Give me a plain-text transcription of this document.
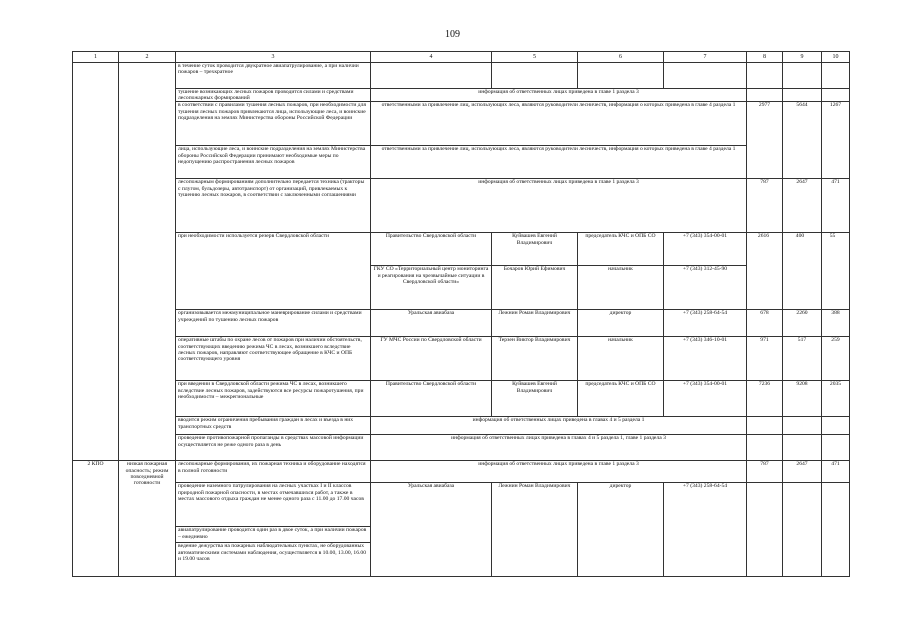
109
1	2	3	4	5	6	7	8	9	10
		в течение суток проводится двукратное авиапатрулирование, а при наличии пожаров – трехкратное							
		тушение возникающих лесных пожаров проводится силами и средствами лесопожарных формирований	информация об ответственных лицах приведена в главе 1 раздела 3						
		в соответствии с правилами тушения лесных пожаров, при необходимости для тушения лесных пожаров привлекаются лица, использующие леса, и воинские подразделения на землях Министерства обороны Российской Федерации	ответственными за привлечение лиц, использующих леса, являются руководители лесничеств, информация о которых приведена в главе 4 раздела 1				2977	5644	1267
		лица, использующие леса, и воинские подразделения на землях Министерства обороны Российской Федерации принимают необходимые меры по недопущению распространения лесных пожаров	ответственными за привлечение лиц, использующих леса, являются руководители лесничеств, информация о которых приведена в главе 4 раздела 1						
		лесопожарным формированиям дополнительно передается техника (тракторы с плугом, бульдозеры, автотранспорт) от организаций, привлекаемых к тушению лесных пожаров, в соответствии с заключенными соглашениями	информация об ответственных лицах приведена в главе 1 раздела 3				787	2647	471
		при необходимости используется резерв Свердловской области	Правительство Свердловской области	Куйвашев Евгений Владимирович	председатель КЧС и ОПБ СО	+7 (343) 354-00-01	2616*	400**	55***
			ГКУ СО «Территориальный центр мониторинга и реагирования на чрезвычайные ситуации в Свердловской области»	Бочаров Юрий Ефимович	начальник	+7 (343) 312-45-90			
		организовывается межмуниципальное маневрирование силами и средствами учреждений по тушению лесных пожаров	Уральская авиабаза	Лежнин Роман Владимирович	директор	+7 (343) 258-64-54	678	2260	388
		оперативные штабы по охране лесов от пожаров при наличии обстоятельств, соответствующих введению режима ЧС в лесах, возникшего вследствие лесных пожаров, направляют соответствующее обращение в КЧС и ОПБ соответствующего уровня	ГУ МЧС России по Свердловской области	Терзен Виктор Владимирович	начальник	+7 (343) 346-10-01	971	517	259
		при введении в Свердловской области режима ЧС в лесах, возникшего вследствие лесных пожаров, задействуются все ресурсы пожаротушения, при необходимости – межрегиональные	Правительство Свердловской области	Куйвашев Евгений Владимирович	председатель КЧС и ОПБ СО	+7 (343) 354-00-01	7236	9208	2035
		вводится режим ограничения пребывания граждан в лесах и въезда в них транспортных средств	информация об ответственных лицах приведена в главах 4 и 5 раздела 1						
		проведение противопожарной пропаганды в средствах массовой информации осуществляется не реже одного раза в день	информация об ответственных лицах приведена в главах 4 и 5 раздела 1, главе 1 раздела 3						
2 КПО	низкая пожарная опасность; режим повседневной готовности	лесопожарные формирования, их пожарная техника и оборудование находятся в полной готовности	информация об ответственных лицах приведена в главе 1 раздела 3				787	2647	471
		проведение наземного патрулирования на лесных участках I и II классов природной пожарной опасности, в местах отмечавшихся работ, а также в местах массового отдыха граждан не менее одного раза с 11.00 до 17.00 часов	Уральская авиабаза	Лежнин Роман Владимирович	директор	+7 (343) 258-64-54			
		авиапатрулирование проводится один раз в двое суток, а при наличии пожаров – ежедневно							
		ведение дежурства на пожарных наблюдательных пунктах, не оборудованных автоматическими системами наблюдения, осуществляется в 10.00, 13.00, 16.00 и 19.00 часов							
